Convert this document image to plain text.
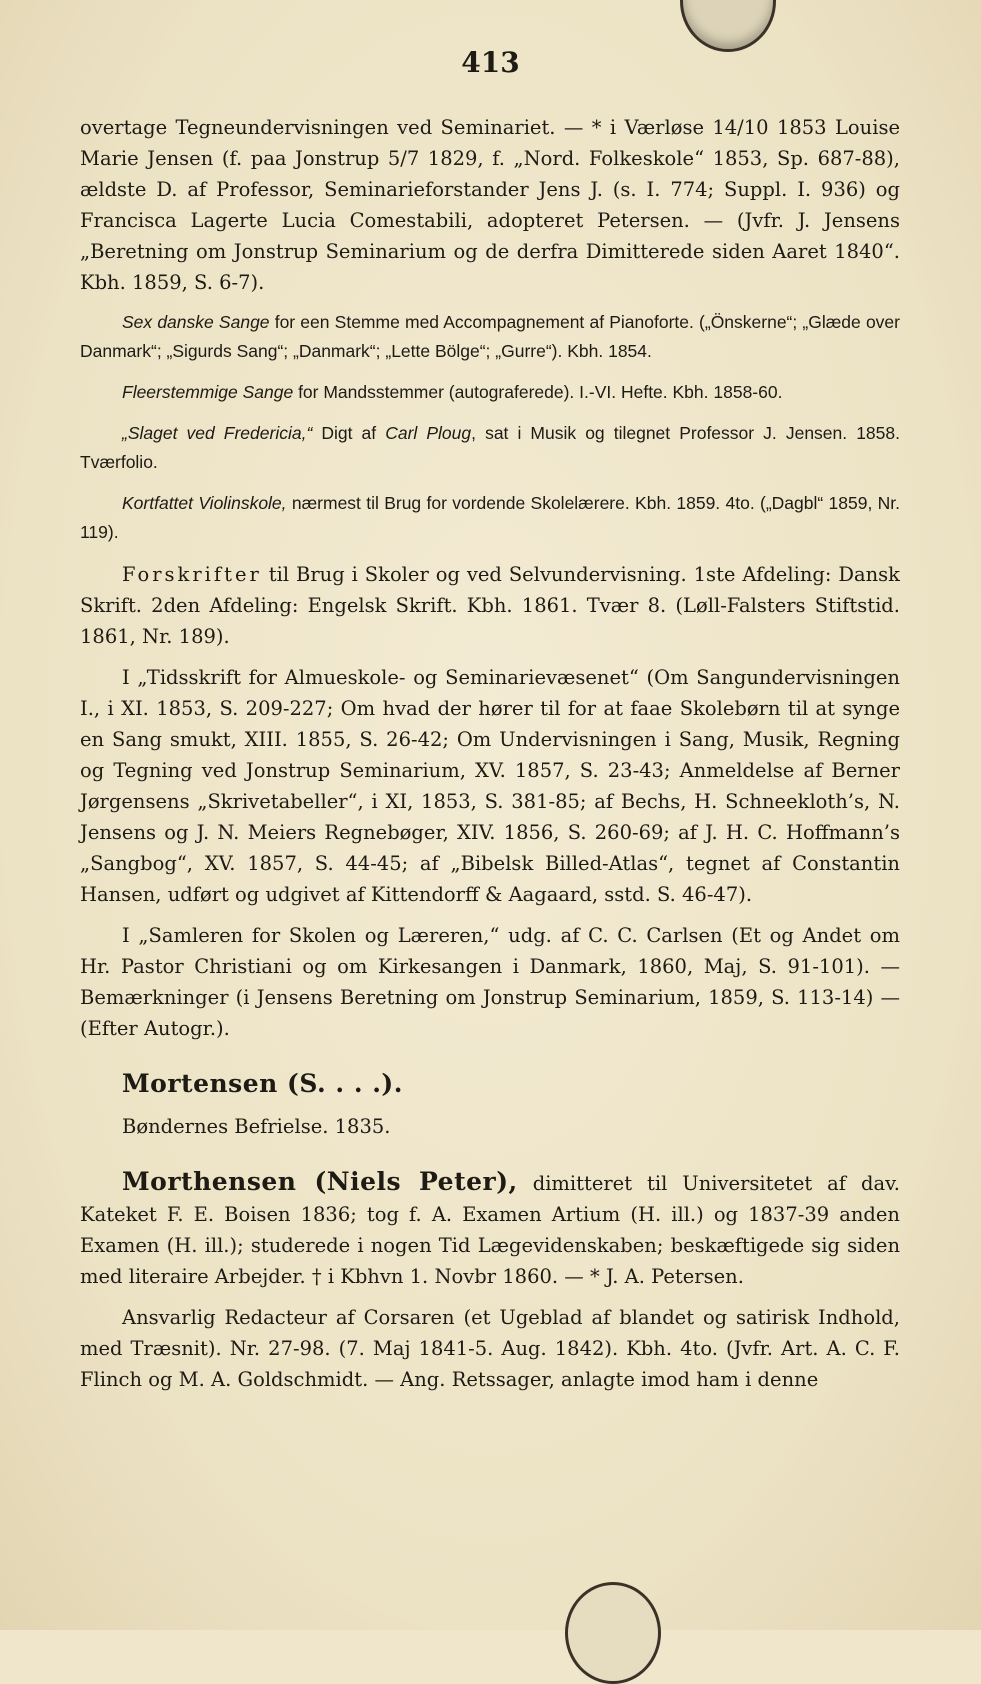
413

overtage Tegneundervisningen ved Seminariet. — * i Værløse 14/10 1853 Louise Marie Jensen (f. paa Jonstrup 5/7 1829, f. „Nord. Folkeskole“ 1853, Sp. 687-88), ældste D. af Professor, Seminarieforstander Jens J. (s. I. 774; Suppl. I. 936) og Francisca Lagerte Lucia Comestabili, adopteret Petersen. — (Jvfr. J. Jensens „Beretning om Jonstrup Seminarium og de derfra Dimitterede siden Aaret 1840“. Kbh. 1859, S. 6-7).

Sex danske Sange for een Stemme med Accompagnement af Pianoforte. („Önskerne“; „Glæde over Danmark“; „Sigurds Sang“; „Danmark“; „Lette Bölge“; „Gurre“). Kbh. 1854.

Fleerstemmige Sange for Mandsstemmer (autograferede). I.-VI. Hefte. Kbh. 1858-60.

„Slaget ved Fredericia,“ Digt af Carl Ploug, sat i Musik og tilegnet Professor J. Jensen. 1858. Tværfolio.

Kortfattet Violinskole, nærmest til Brug for vordende Skolelærere. Kbh. 1859. 4to. („Dagbl“ 1859, Nr. 119).

Forskrifter til Brug i Skoler og ved Selvundervisning. 1ste Afdeling: Dansk Skrift. 2den Afdeling: Engelsk Skrift. Kbh. 1861. Tvær 8. (Løll-Falsters Stiftstid. 1861, Nr. 189).

I „Tidsskrift for Almueskole- og Seminarievæsenet“ (Om Sangundervisningen I., i XI. 1853, S. 209-227; Om hvad der hører til for at faae Skolebørn til at synge en Sang smukt, XIII. 1855, S. 26-42; Om Undervisningen i Sang, Musik, Regning og Tegning ved Jonstrup Seminarium, XV. 1857, S. 23-43; Anmeldelse af Berner Jørgensens „Skrivetabeller“, i XI, 1853, S. 381-85; af Bechs, H. Schneekloth’s, N. Jensens og J. N. Meiers Regnebøger, XIV. 1856, S. 260-69; af J. H. C. Hoffmann’s „Sangbog“, XV. 1857, S. 44-45; af „Bibelsk Billed-Atlas“, tegnet af Constantin Hansen, udført og udgivet af Kittendorff & Aagaard, sstd. S. 46-47).

I „Samleren for Skolen og Læreren,“ udg. af C. C. Carlsen (Et og Andet om Hr. Pastor Christiani og om Kirkesangen i Danmark, 1860, Maj, S. 91-101). — Bemærkninger (i Jensens Beretning om Jonstrup Seminarium, 1859, S. 113-14) — (Efter Autogr.).

Mortensen (S. . . .).

Bøndernes Befrielse. 1835.

Morthensen (Niels Peter), dimitteret til Universitetet af dav. Kateket F. E. Boisen 1836; tog f. A. Examen Artium (H. ill.) og 1837-39 anden Examen (H. ill.); studerede i nogen Tid Lægevidenskaben; beskæftigede sig siden med literaire Arbejder. † i Kbhvn 1. Novbr 1860. — * J. A. Petersen.

Ansvarlig Redacteur af Corsaren (et Ugeblad af blandet og satirisk Indhold, med Træsnit). Nr. 27-98. (7. Maj 1841-5. Aug. 1842). Kbh. 4to. (Jvfr. Art. A. C. F. Flinch og M. A. Goldschmidt. — Ang. Retssager, anlagte imod ham i denne
